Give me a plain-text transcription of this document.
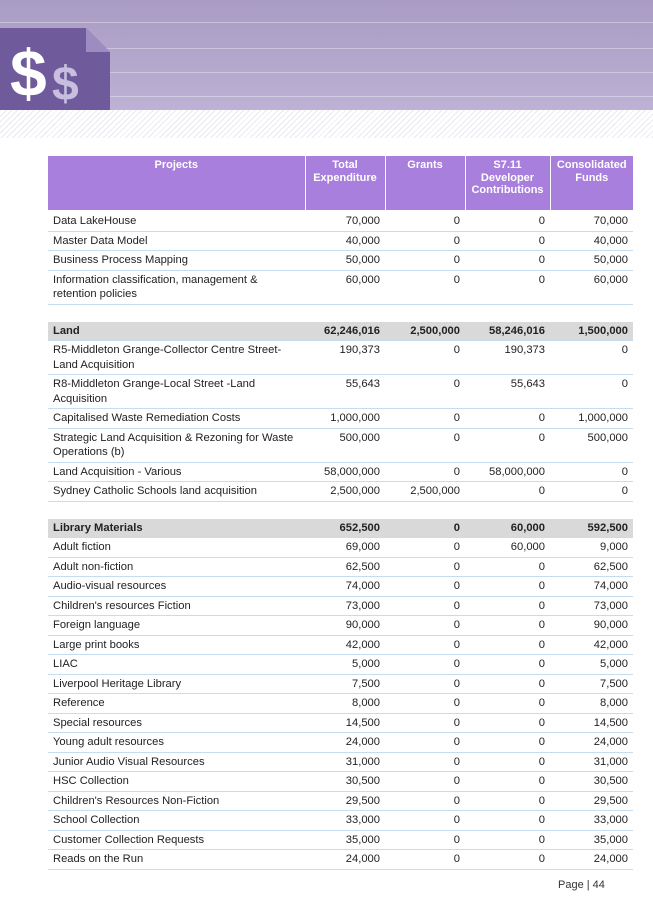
$ $
Projects	Total Expenditure	Grants	S7.11 Developer Contributions	Consolidated Funds
Data LakeHouse	70,000	0	0	70,000
Master Data Model	40,000	0	0	40,000
Business Process Mapping	50,000	0	0	50,000
Information classification, management & retention policies	60,000	0	0	60,000

Land	62,246,016	2,500,000	58,246,016	1,500,000
R5-Middleton Grange-Collector Centre Street-Land Acquisition	190,373	0	190,373	0
R8-Middleton Grange-Local Street -Land Acquisition	55,643	0	55,643	0
Capitalised Waste Remediation Costs	1,000,000	0	0	1,000,000
Strategic Land Acquisition & Rezoning for Waste Operations (b)	500,000	0	0	500,000
Land Acquisition - Various	58,000,000	0	58,000,000	0
Sydney Catholic Schools land acquisition	2,500,000	2,500,000	0	0

Library Materials	652,500	0	60,000	592,500
Adult fiction	69,000	0	60,000	9,000
Adult non-fiction	62,500	0	0	62,500
Audio-visual resources	74,000	0	0	74,000
Children's resources Fiction	73,000	0	0	73,000
Foreign language	90,000	0	0	90,000
Large print books	42,000	0	0	42,000
LIAC	5,000	0	0	5,000
Liverpool Heritage Library	7,500	0	0	7,500
Reference	8,000	0	0	8,000
Special resources	14,500	0	0	14,500
Young adult resources	24,000	0	0	24,000
Junior Audio Visual Resources	31,000	0	0	31,000
HSC Collection	30,500	0	0	30,500
Children's Resources Non-Fiction	29,500	0	0	29,500
School Collection	33,000	0	0	33,000
Customer Collection Requests	35,000	0	0	35,000
Reads on the Run	24,000	0	0	24,000
Page | 44
